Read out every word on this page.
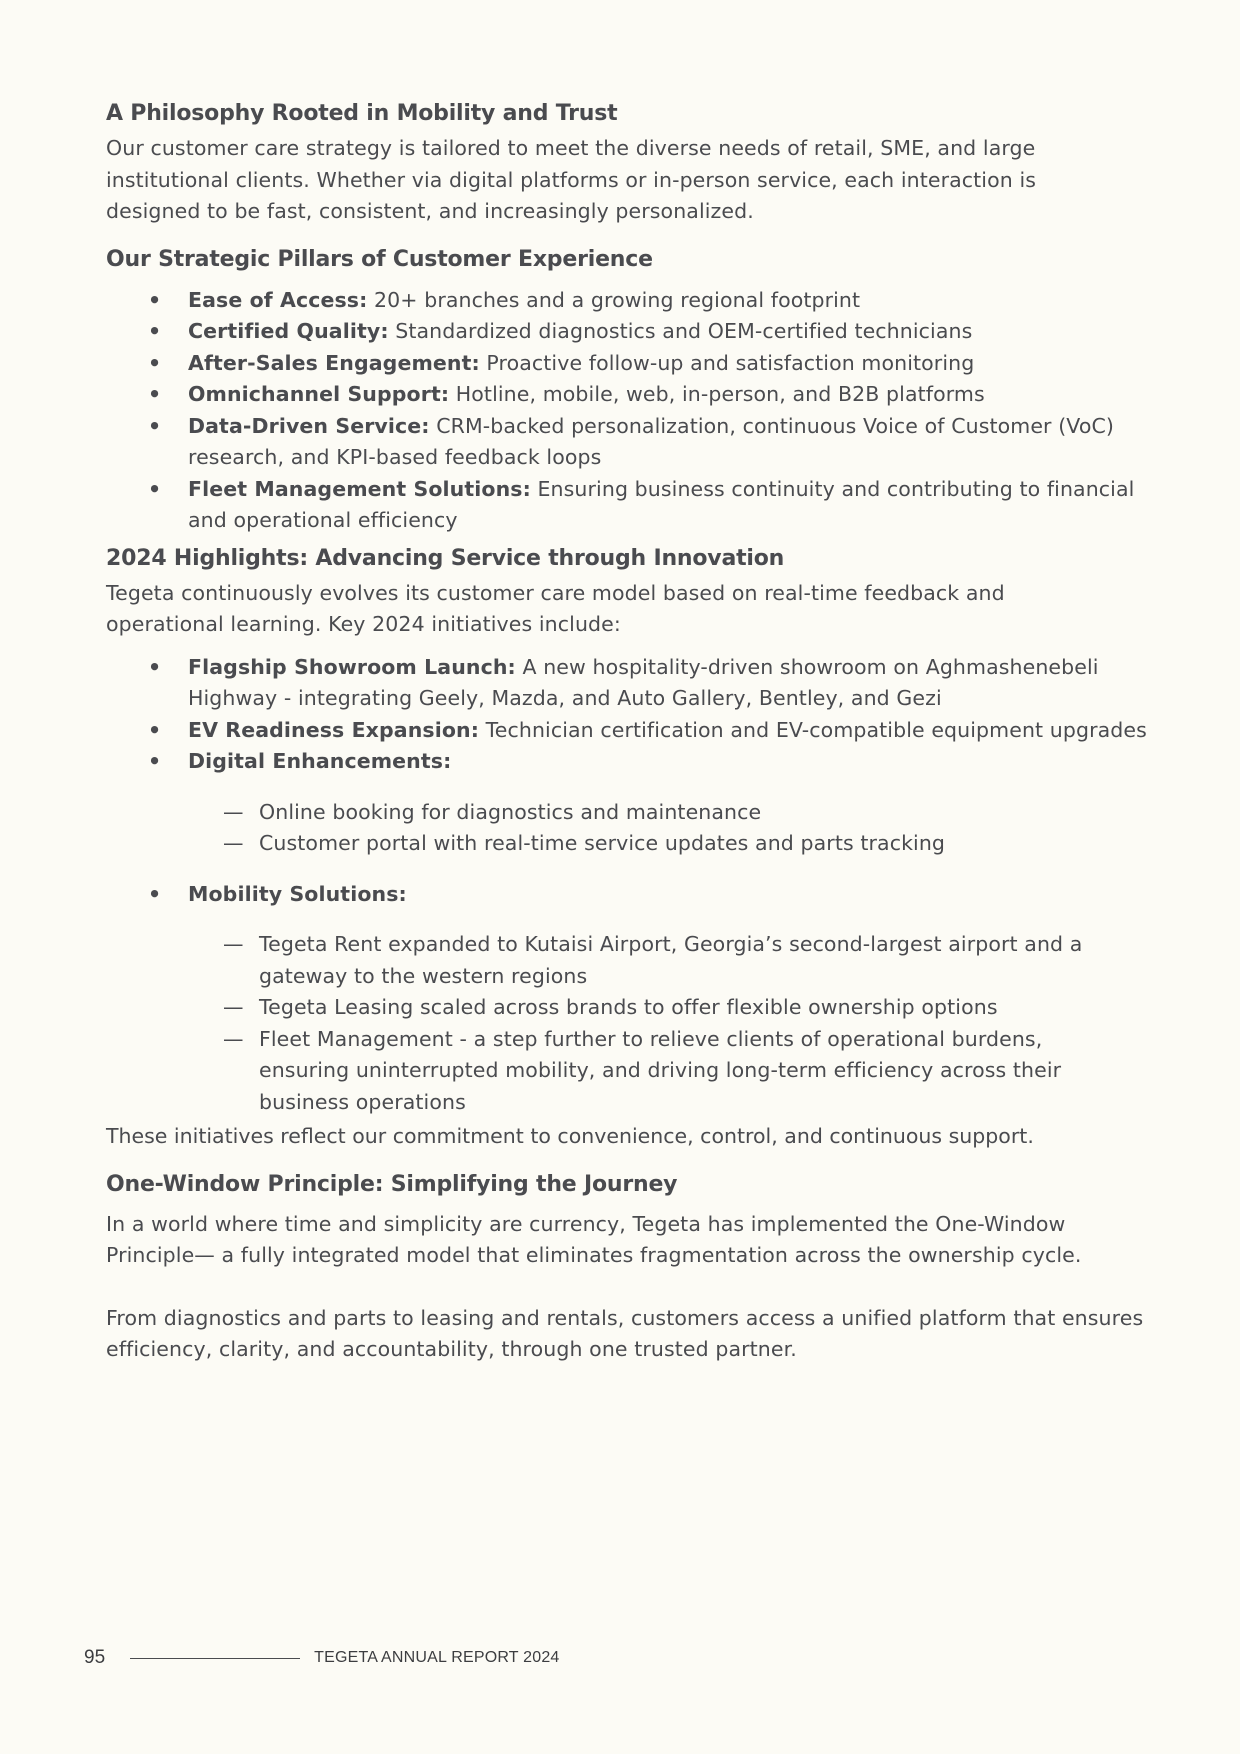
A Philosophy Rooted in Mobility and Trust

Our customer care strategy is tailored to meet the diverse needs of retail, SME, and large institutional clients. Whether via digital platforms or in-person service, each interaction is designed to be fast, consistent, and increasingly personalized.

Our Strategic Pillars of Customer Experience
• Ease of Access: 20+ branches and a growing regional footprint
• Certified Quality: Standardized diagnostics and OEM-certified technicians
• After-Sales Engagement: Proactive follow-up and satisfaction monitoring
• Omnichannel Support: Hotline, mobile, web, in-person, and B2B platforms
• Data-Driven Service: CRM-backed personalization, continuous Voice of Customer (VoC) research, and KPI-based feedback loops
• Fleet Management Solutions: Ensuring business continuity and contributing to financial and operational efficiency
2024 Highlights: Advancing Service through Innovation

Tegeta continuously evolves its customer care model based on real-time feedback and operational learning. Key 2024 initiatives include:

• Flagship Showroom Launch: A new hospitality-driven showroom on Aghmashenebeli Highway - integrating Geely, Mazda, and Auto Gallery, Bentley, and Gezi
• EV Readiness Expansion: Technician certification and EV-compatible equipment upgrades
• Digital Enhancements:
— Online booking for diagnostics and maintenance
— Customer portal with real-time service updates and parts tracking
• Mobility Solutions:
— Tegeta Rent expanded to Kutaisi Airport, Georgia’s second-largest airport and a gateway to the western regions
— Tegeta Leasing scaled across brands to offer flexible ownership options
— Fleet Management - a step further to relieve clients of operational burdens, ensuring uninterrupted mobility, and driving long-term efficiency across their business operations

These initiatives reflect our commitment to convenience, control, and continuous support.

One-Window Principle: Simplifying the Journey

In a world where time and simplicity are currency, Tegeta has implemented the One-Window Principle— a fully integrated model that eliminates fragmentation across the ownership cycle.

From diagnostics and parts to leasing and rentals, customers access a unified platform that ensures efficiency, clarity, and accountability, through one trusted partner.

95	TEGETA ANNUAL REPORT 2024
